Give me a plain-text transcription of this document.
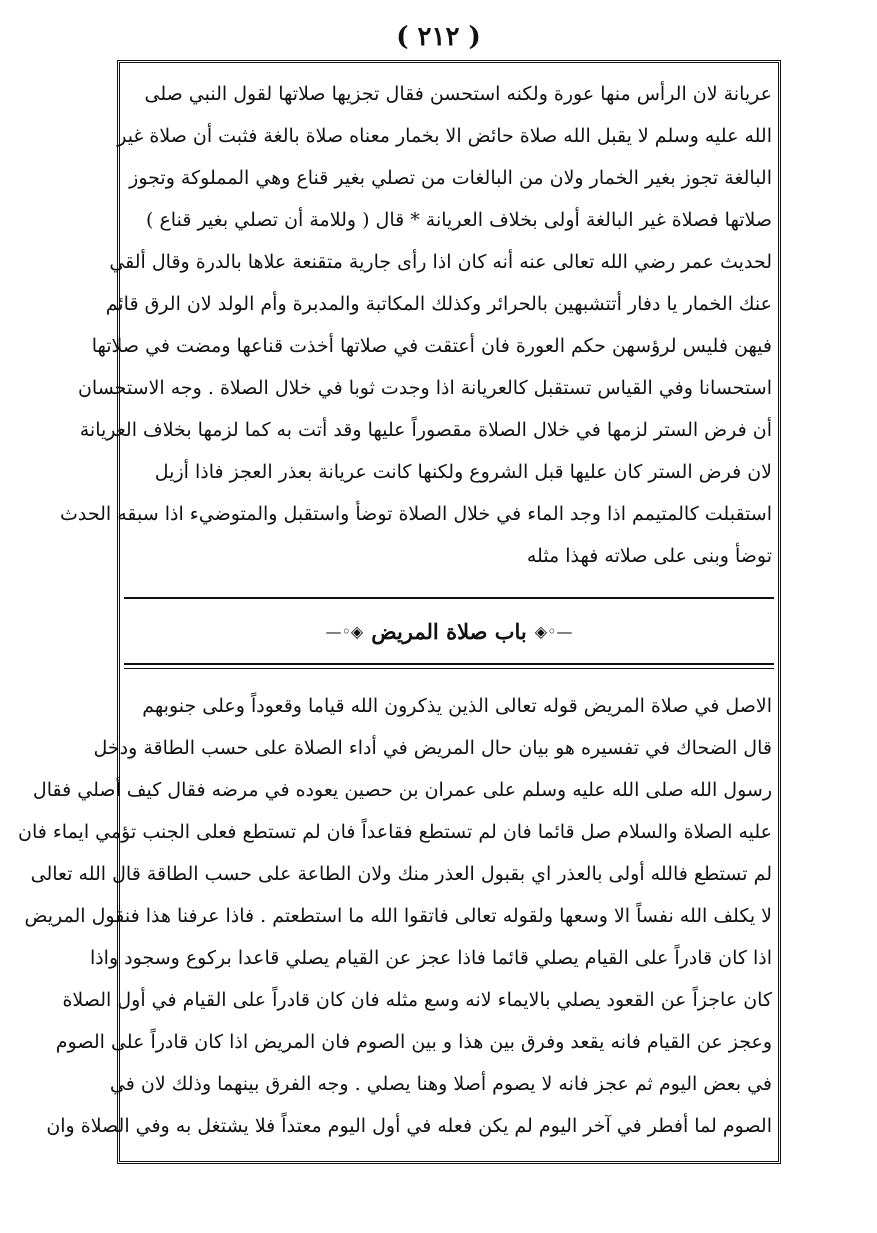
( ٢١٢ )

عريانة لان الرأس منها عورة ولكنه استحسن فقال تجزيها صلاتها لقول النبي صلى

الله عليه وسلم لا يقبل الله صلاة حائض الا بخمار معناه صلاة بالغة فثبت أن صلاة غير

البالغة تجوز بغير الخمار ولان من البالغات من تصلي بغير قناع وهي المملوكة وتجوز

صلاتها فصلاة غير البالغة أولى بخلاف العريانة * قال ( وللامة أن تصلي بغير قناع )

لحديث عمر رضي الله تعالى عنه أنه كان اذا رأى جارية متقنعة علاها بالدرة وقال ألقي

عنك الخمار يا دفار أتتشبهين بالحرائر وكذلك المكاتبة والمدبرة وأم الولد لان الرق قائم

فيهن فليس لرؤسهن حكم العورة فان أعتقت في صلاتها أخذت قناعها ومضت في صلاتها

استحسانا وفي القياس تستقبل كالعريانة اذا وجدت ثوبا في خلال الصلاة . وجه الاستحسان

أن فرض الستر لزمها في خلال الصلاة مقصوراً عليها وقد أتت به كما لزمها بخلاف العريانة

لان فرض الستر كان عليها قبل الشروع ولكنها كانت عريانة بعذر العجز فاذا أزيل

استقبلت كالمتيمم اذا وجد الماء في خلال الصلاة توضأ واستقبل والمتوضيء اذا سبقه الحدث

توضأ وبنى على صلاته فهذا مثله

◈◦—
باب صلاة المريض
—◦◈

الاصل في صلاة المريض قوله تعالى الذين يذكرون الله قياما وقعوداً وعلى جنوبهم

قال الضحاك في تفسيره هو بيان حال المريض في أداء الصلاة على حسب الطاقة ودخل

رسول الله صلى الله عليه وسلم على عمران بن حصين يعوده في مرضه فقال كيف أصلي فقال

عليه الصلاة والسلام صل قائما فان لم تستطع فقاعداً فان لم تستطع فعلى الجنب تؤمي ايماء فان

لم تستطع فالله أولى بالعذر اي بقبول العذر منك ولان الطاعة على حسب الطاقة قال الله تعالى

لا يكلف الله نفساً الا وسعها ولقوله تعالى فاتقوا الله ما استطعتم . فاذا عرفنا هذا فنقول المريض

اذا كان قادراً على القيام يصلي قائما فاذا عجز عن القيام يصلي قاعدا بركوع وسجود واذا

كان عاجزاً عن القعود يصلي بالايماء لانه وسع مثله فان كان قادراً على القيام في أول الصلاة

وعجز عن القيام فانه يقعد وفرق بين هذا و بين الصوم فان المريض اذا كان قادراً على الصوم

في بعض اليوم ثم عجز فانه لا يصوم أصلا وهنا يصلي . وجه الفرق بينهما وذلك لان في

الصوم لما أفطر في آخر اليوم لم يكن فعله في أول اليوم معتداً فلا يشتغل به وفي الصلاة وان
